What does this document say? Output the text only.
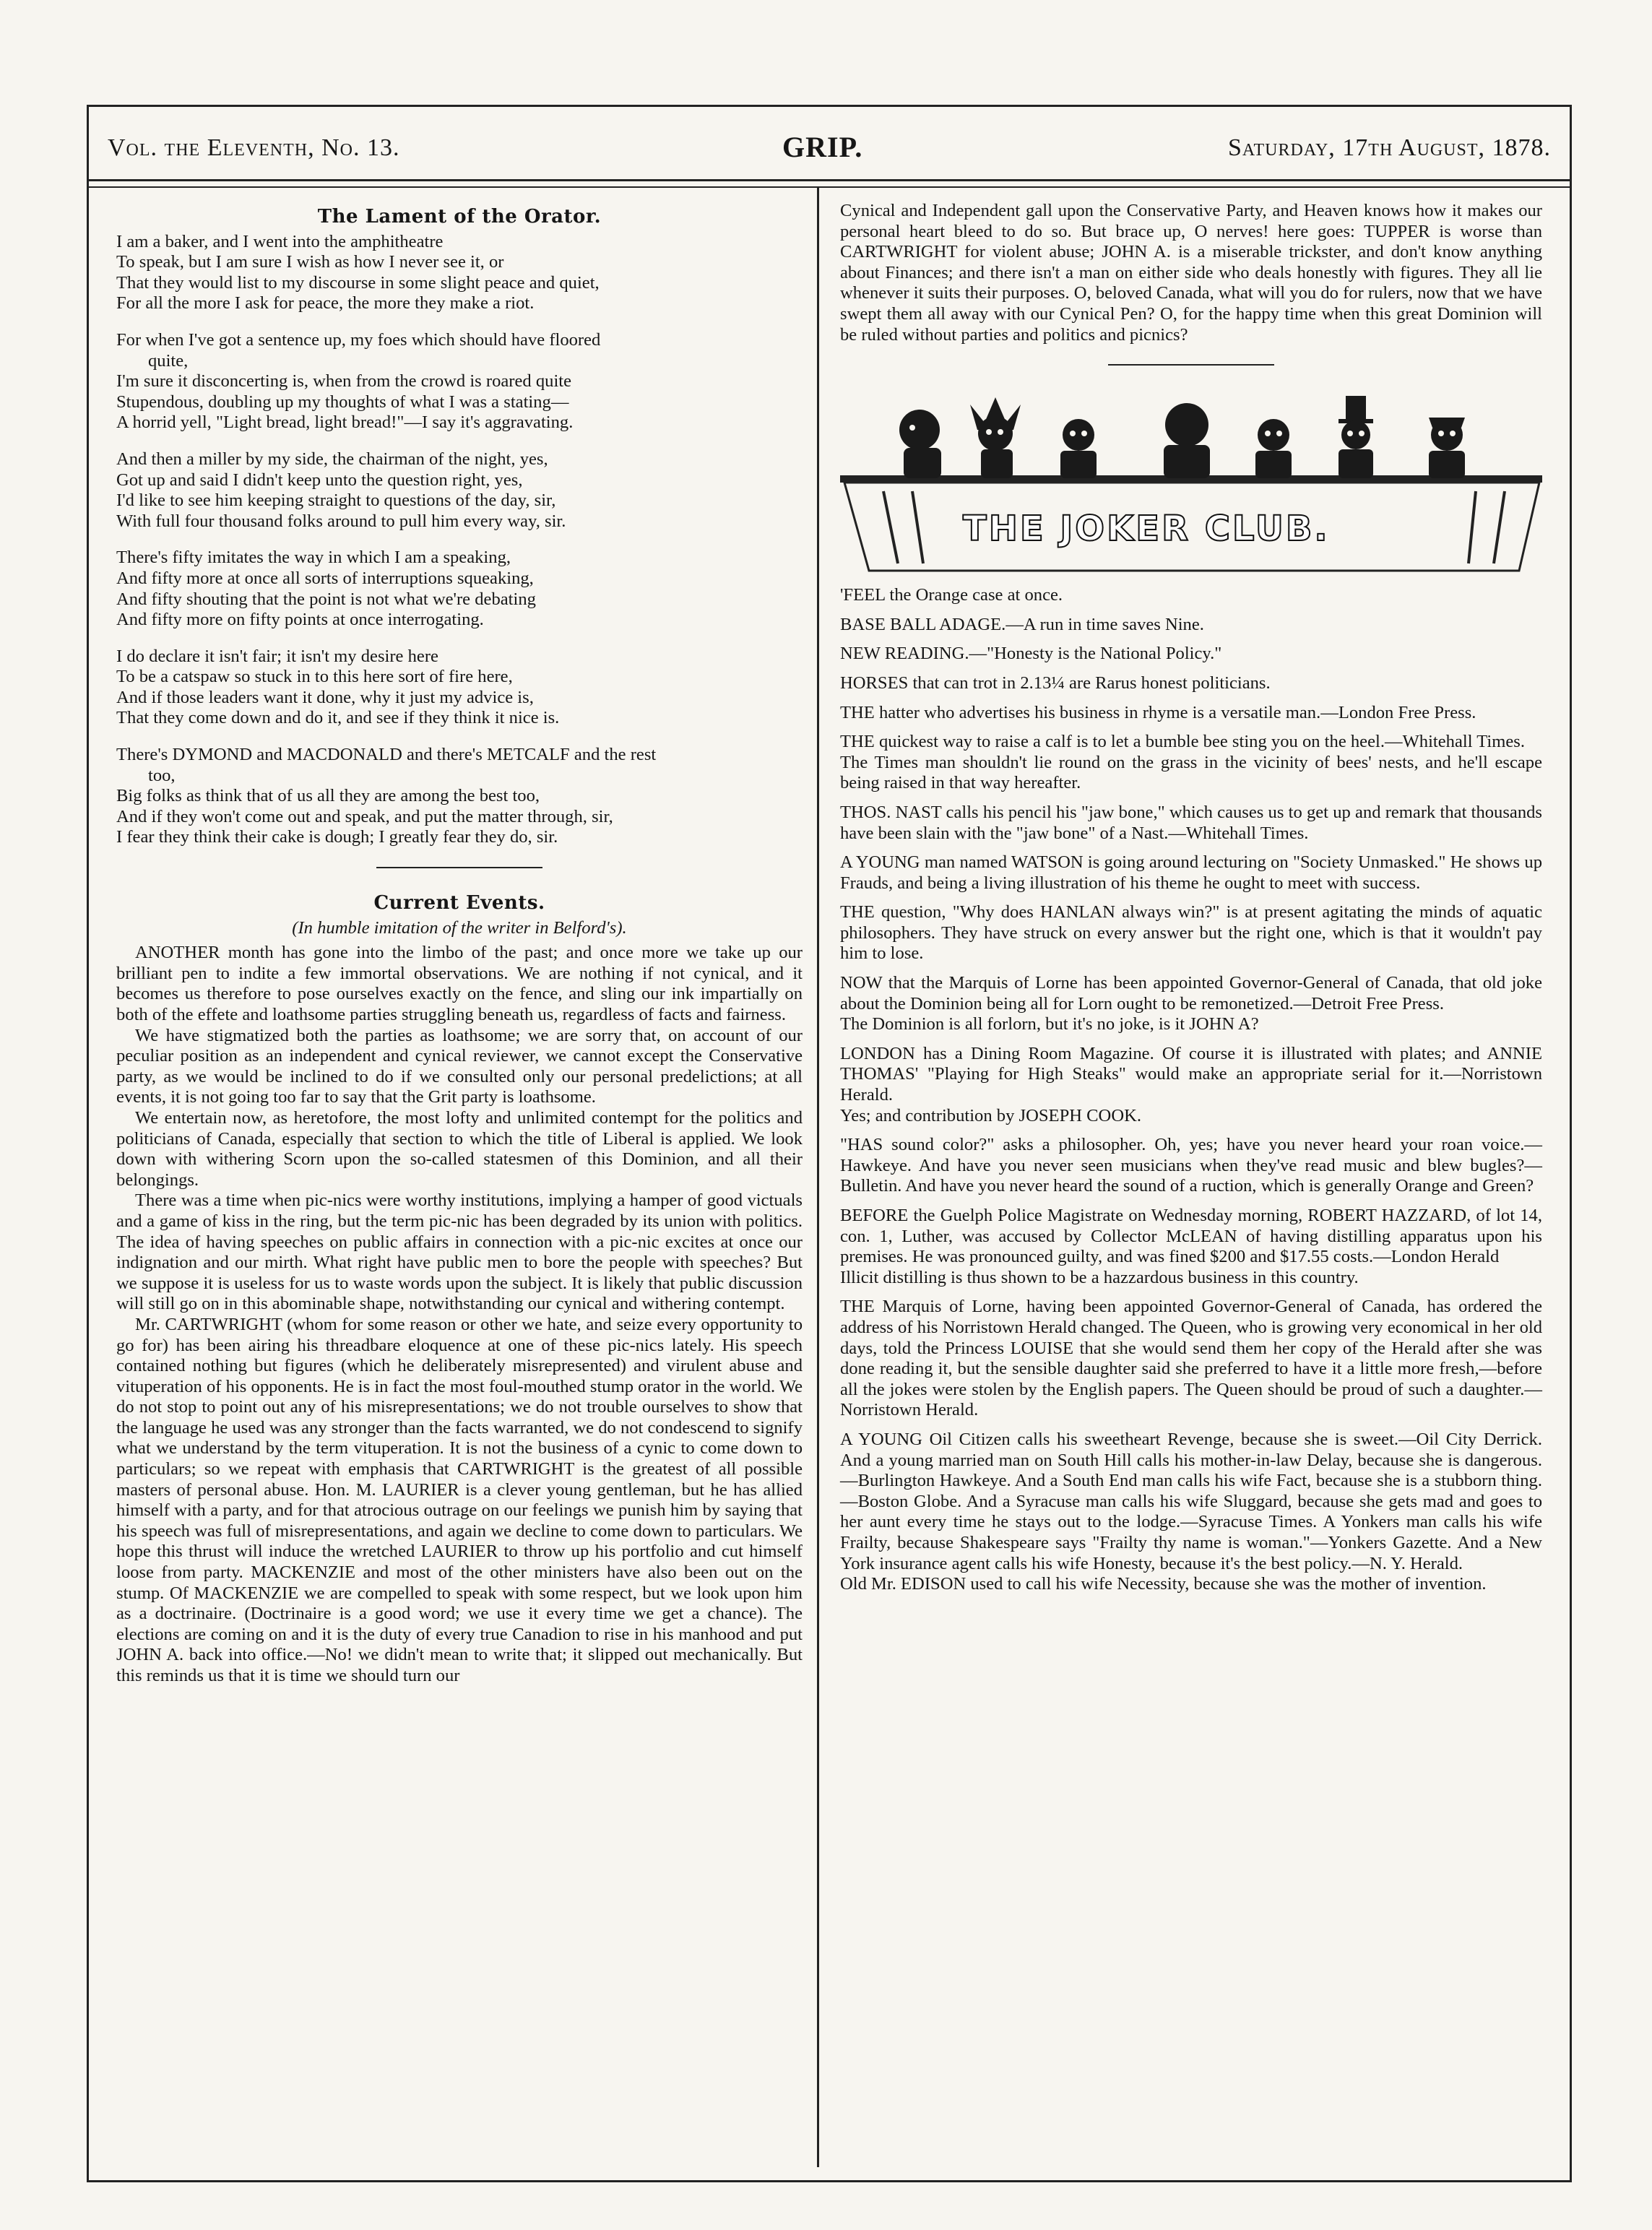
Vol. the Eleventh, No. 13.	GRIP.	Saturday, 17th August, 1878.
The Lament of the Orator.
I am a baker, and I went into the amphitheatre
To speak, but I am sure I wish as how I never see it, or
That they would list to my discourse in some slight peace and quiet,
For all the more I ask for peace, the more they make a riot.
For when I've got a sentence up, my foes which should have floored
quite,
I'm sure it disconcerting is, when from the crowd is roared quite
Stupendous, doubling up my thoughts of what I was a stating—
A horrid yell, "Light bread, light bread!"—I say it's aggravating.
And then a miller by my side, the chairman of the night, yes,
Got up and said I didn't keep unto the question right, yes,
I'd like to see him keeping straight to questions of the day, sir,
With full four thousand folks around to pull him every way, sir.
There's fifty imitates the way in which I am a speaking,
And fifty more at once all sorts of interruptions squeaking,
And fifty shouting that the point is not what we're debating
And fifty more on fifty points at once interrogating.
I do declare it isn't fair; it isn't my desire here
To be a catspaw so stuck in to this here sort of fire here,
And if those leaders want it done, why it just my advice is,
That they come down and do it, and see if they think it nice is.
There's DYMOND and MACDONALD and there's METCALF and the rest
too,
Big folks as think that of us all they are among the best too,
And if they won't come out and speak, and put the matter through, sir,
I fear they think their cake is dough; I greatly fear they do, sir.
Current Events.
(In humble imitation of the writer in Belford's).

ANOTHER month has gone into the limbo of the past; and once more we take up our brilliant pen to indite a few immortal observations. We are nothing if not cynical, and it becomes us therefore to pose ourselves exactly on the fence, and sling our ink impartially on both of the effete and loathsome parties struggling beneath us, regardless of facts and fairness.

We have stigmatized both the parties as loathsome; we are sorry that, on account of our peculiar position as an independent and cynical reviewer, we cannot except the Conservative party, as we would be inclined to do if we consulted only our personal predelictions; at all events, it is not going too far to say that the Grit party is loathsome.

We entertain now, as heretofore, the most lofty and unlimited contempt for the politics and politicians of Canada, especially that section to which the title of Liberal is applied. We look down with withering Scorn upon the so-called statesmen of this Dominion, and all their belongings.

There was a time when pic-nics were worthy institutions, implying a hamper of good victuals and a game of kiss in the ring, but the term pic-nic has been degraded by its union with politics. The idea of having speeches on public affairs in connection with a pic-nic excites at once our indignation and our mirth. What right have public men to bore the people with speeches? But we suppose it is useless for us to waste words upon the subject. It is likely that public discussion will still go on in this abominable shape, notwithstanding our cynical and withering contempt.

Mr. CARTWRIGHT (whom for some reason or other we hate, and seize every opportunity to go for) has been airing his threadbare eloquence at one of these pic-nics lately. His speech contained nothing but figures (which he deliberately misrepresented) and virulent abuse and vituperation of his opponents. He is in fact the most foul-mouthed stump orator in the world. We do not stop to point out any of his misrepresentations; we do not trouble ourselves to show that the language he used was any stronger than the facts warranted, we do not condescend to signify what we understand by the term vituperation. It is not the business of a cynic to come down to particulars; so we repeat with emphasis that CARTWRIGHT is the greatest of all possible masters of personal abuse. Hon. M. LAURIER is a clever young gentleman, but he has allied himself with a party, and for that atrocious outrage on our feelings we punish him by saying that his speech was full of misrepresentations, and again we decline to come down to particulars. We hope this thrust will induce the wretched LAURIER to throw up his portfolio and cut himself loose from party. MACKENZIE and most of the other ministers have also been out on the stump. Of MACKENZIE we are compelled to speak with some respect, but we look upon him as a doctrinaire. (Doctrinaire is a good word; we use it every time we get a chance). The elections are coming on and it is the duty of every true Canadion to rise in his manhood and put JOHN A. back into office.—No! we didn't mean to write that; it slipped out mechanically. But this reminds us that it is time we should turn our

Cynical and Independent gall upon the Conservative Party, and Heaven knows how it makes our personal heart bleed to do so. But brace up, O nerves! here goes: TUPPER is worse than CARTWRIGHT for violent abuse; JOHN A. is a miserable trickster, and don't know anything about Finances; and there isn't a man on either side who deals honestly with figures. They all lie whenever it suits their purposes. O, beloved Canada, what will you do for rulers, now that we have swept them all away with our Cynical Pen? O, for the happy time when this great Dominion will be ruled without parties and politics and picnics?

THE JOKER CLUB.

'FEEL the Orange case at once.

BASE BALL ADAGE.—A run in time saves Nine.

NEW READING.—"Honesty is the National Policy."

HORSES that can trot in 2.13¼ are Rarus honest politicians.

THE hatter who advertises his business in rhyme is a versatile man.—London Free Press.

THE quickest way to raise a calf is to let a bumble bee sting you on the heel.—Whitehall Times.

The Times man shouldn't lie round on the grass in the vicinity of bees' nests, and he'll escape being raised in that way hereafter.

THOS. NAST calls his pencil his "jaw bone," which causes us to get up and remark that thousands have been slain with the "jaw bone" of a Nast.—Whitehall Times.

A YOUNG man named WATSON is going around lecturing on "Society Unmasked." He shows up Frauds, and being a living illustration of his theme he ought to meet with success.

THE question, "Why does HANLAN always win?" is at present agitating the minds of aquatic philosophers. They have struck on every answer but the right one, which is that it wouldn't pay him to lose.

NOW that the Marquis of Lorne has been appointed Governor-General of Canada, that old joke about the Dominion being all for Lorn ought to be remonetized.—Detroit Free Press.

The Dominion is all forlorn, but it's no joke, is it JOHN A?

LONDON has a Dining Room Magazine. Of course it is illustrated with plates; and ANNIE THOMAS' "Playing for High Steaks" would make an appropriate serial for it.—Norristown Herald.

Yes; and contribution by JOSEPH COOK.

"HAS sound color?" asks a philosopher. Oh, yes; have you never heard your roan voice.—Hawkeye. And have you never seen musicians when they've read music and blew bugles?—Bulletin. And have you never heard the sound of a ruction, which is generally Orange and Green?

BEFORE the Guelph Police Magistrate on Wednesday morning, ROBERT HAZZARD, of lot 14, con. 1, Luther, was accused by Collector McLEAN of having distilling apparatus upon his premises. He was pronounced guilty, and was fined $200 and $17.55 costs.—London Herald

Illicit distilling is thus shown to be a hazzardous business in this country.

THE Marquis of Lorne, having been appointed Governor-General of Canada, has ordered the address of his Norristown Herald changed. The Queen, who is growing very economical in her old days, told the Princess LOUISE that she would send them her copy of the Herald after she was done reading it, but the sensible daughter said she preferred to have it a little more fresh,—before all the jokes were stolen by the English papers. The Queen should be proud of such a daughter.—Norristown Herald.

A YOUNG Oil Citizen calls his sweetheart Revenge, because she is sweet.—Oil City Derrick. And a young married man on South Hill calls his mother-in-law Delay, because she is dangerous.—Burlington Hawkeye. And a South End man calls his wife Fact, because she is a stubborn thing.—Boston Globe. And a Syracuse man calls his wife Sluggard, because she gets mad and goes to her aunt every time he stays out to the lodge.—Syracuse Times. A Yonkers man calls his wife Frailty, because Shakespeare says "Frailty thy name is woman."—Yonkers Gazette. And a New York insurance agent calls his wife Honesty, because it's the best policy.—N. Y. Herald.

Old Mr. EDISON used to call his wife Necessity, because she was the mother of invention.
